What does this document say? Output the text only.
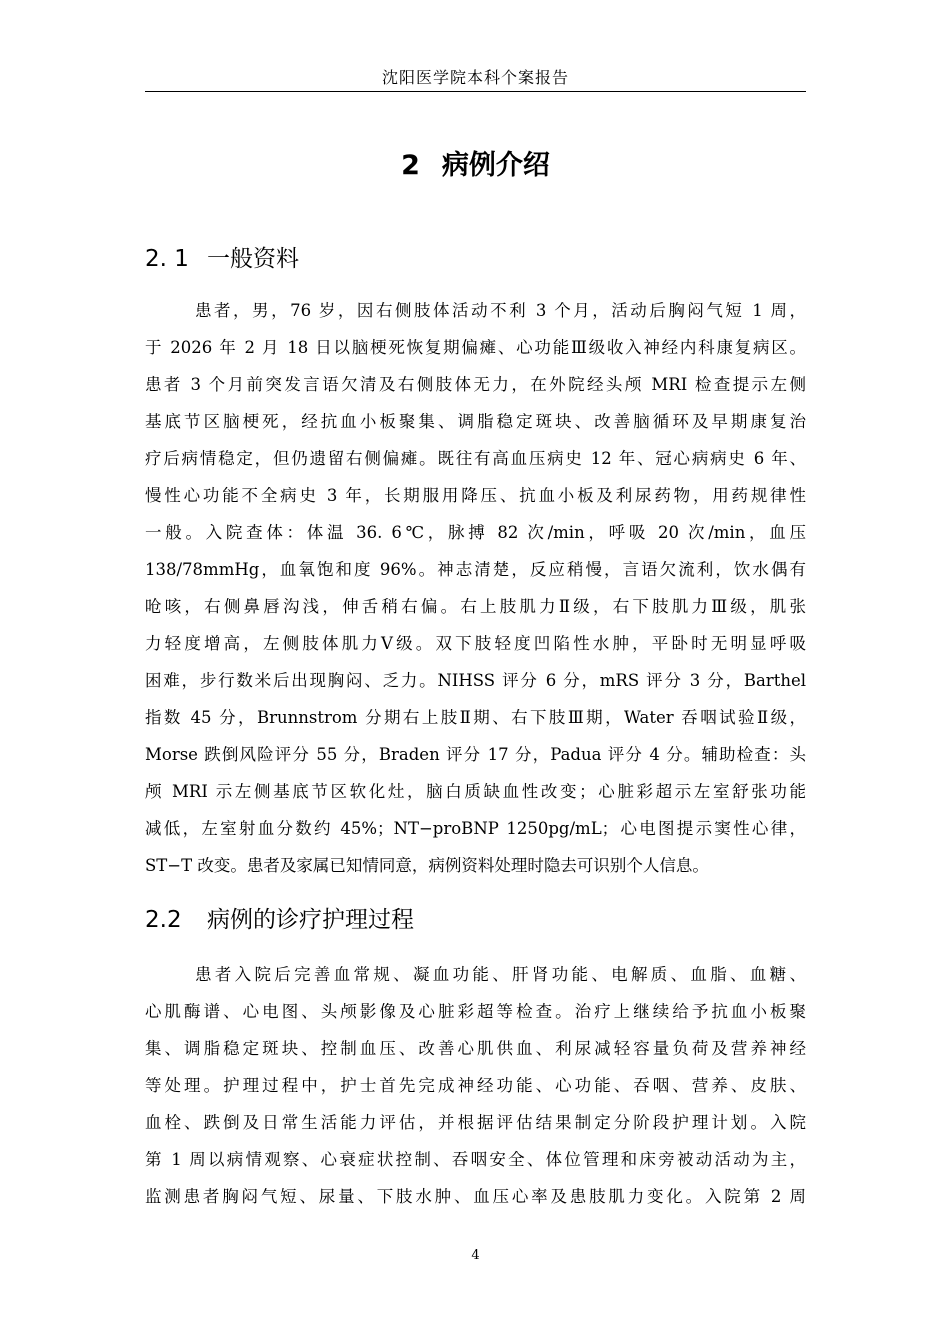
沈阳医学院本科个案报告
2 病例介绍
2. 1 一般资料
患者，男，76 岁，因右侧肢体活动不利 3 个月，活动后胸闷气短 1 周，
于 2026 年 2 月 18 日以脑梗死恢复期偏瘫、心功能Ⅲ级收入神经内科康复病区。
患者 3 个月前突发言语欠清及右侧肢体无力，在外院经头颅 MRI 检查提示左侧
基底节区脑梗死，经抗血小板聚集、调脂稳定斑块、改善脑循环及早期康复治
疗后病情稳定，但仍遗留右侧偏瘫。既往有高血压病史 12 年、冠心病病史 6 年、
慢性心功能不全病史 3 年，长期服用降压、抗血小板及利尿药物，用药规律性
一般。入院查体：体温 36. 6℃，脉搏 82 次/min，呼吸 20 次/min，血压
138/78mmHg，血氧饱和度 96%。神志清楚，反应稍慢，言语欠流利，饮水偶有
呛咳，右侧鼻唇沟浅，伸舌稍右偏。右上肢肌力Ⅱ级，右下肢肌力Ⅲ级，肌张
力轻度增高，左侧肢体肌力Ⅴ级。双下肢轻度凹陷性水肿，平卧时无明显呼吸
困难，步行数米后出现胸闷、乏力。NIHSS 评分 6 分，mRS 评分 3 分，Barthel
指数 45 分，Brunnstrom 分期右上肢Ⅱ期、右下肢Ⅲ期，Water 吞咽试验Ⅱ级，
Morse 跌倒风险评分 55 分，Braden 评分 17 分，Padua 评分 4 分。辅助检查：头
颅 MRI 示左侧基底节区软化灶，脑白质缺血性改变；心脏彩超示左室舒张功能
减低，左室射血分数约 45%；NT−proBNP 1250pg/mL；心电图提示窦性心律，
ST−T 改变。患者及家属已知情同意，病例资料处理时隐去可识别个人信息。
2.2 病例的诊疗护理过程
患者入院后完善血常规、凝血功能、肝肾功能、电解质、血脂、血糖、
心肌酶谱、心电图、头颅影像及心脏彩超等检查。治疗上继续给予抗血小板聚
集、调脂稳定斑块、控制血压、改善心肌供血、利尿减轻容量负荷及营养神经
等处理。护理过程中，护士首先完成神经功能、心功能、吞咽、营养、皮肤、
血栓、跌倒及日常生活能力评估，并根据评估结果制定分阶段护理计划。入院
第 1 周以病情观察、心衰症状控制、吞咽安全、体位管理和床旁被动活动为主，
监测患者胸闷气短、尿量、下肢水肿、血压心率及患肢肌力变化。入院第 2 周
4
